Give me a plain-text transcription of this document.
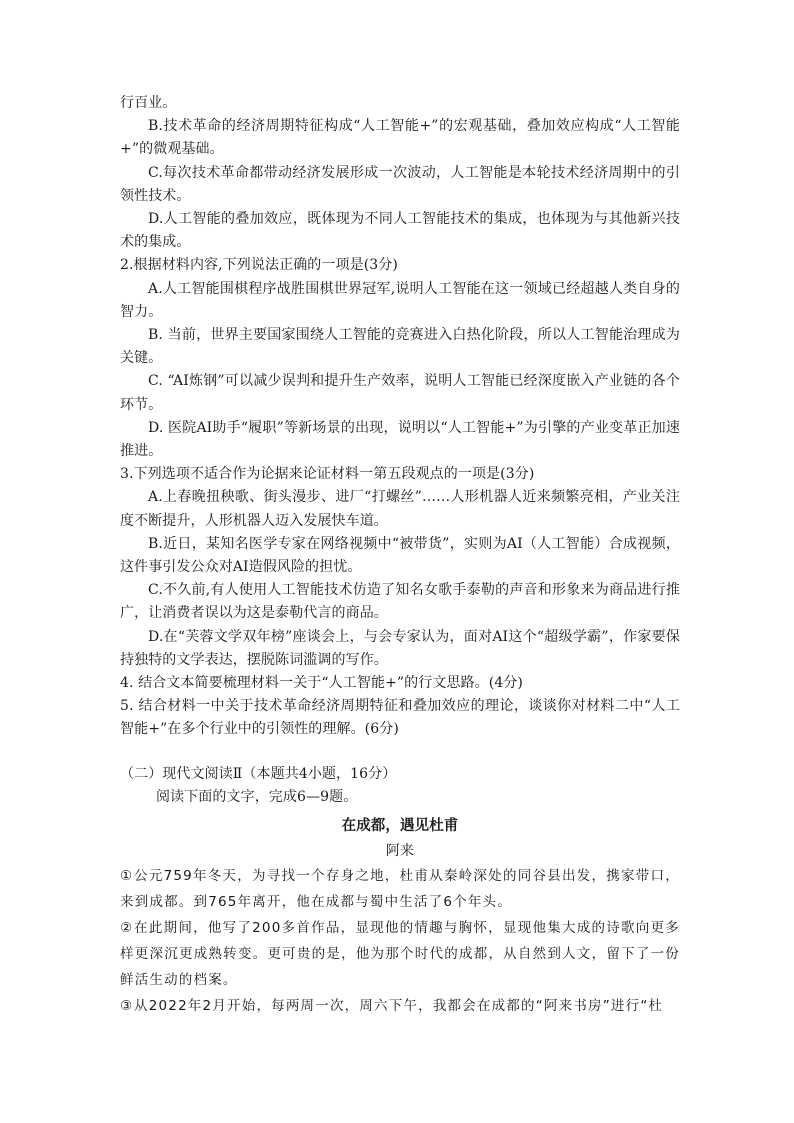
行百业。

B.技术革命的经济周期特征构成“人工智能+”的宏观基础，叠加效应构成“人工智能+”的微观基础。

C.每次技术革命都带动经济发展形成一次波动，人工智能是本轮技术经济周期中的引领性技术。

D.人工智能的叠加效应，既体现为不同人工智能技术的集成，也体现为与其他新兴技术的集成。

2.根据材料内容,下列说法正确的一项是(3分)

A.人工智能围棋程序战胜围棋世界冠军,说明人工智能在这一领域已经超越人类自身的智力。

B. 当前，世界主要国家围绕人工智能的竞赛进入白热化阶段，所以人工智能治理成为关键。

C. “AI炼钢”可以减少误判和提升生产效率，说明人工智能已经深度嵌入产业链的各个环节。

D. 医院AI助手“履职”等新场景的出现，说明以“人工智能+”为引擎的产业变革正加速推进。

3.下列选项不适合作为论据来论证材料一第五段观点的一项是(3分)

A.上春晚扭秧歌、街头漫步、进厂“打螺丝”……人形机器人近来频繁亮相，产业关注度不断提升，人形机器人迈入发展快车道。

B.近日，某知名医学专家在网络视频中“被带货”，实则为AI（人工智能）合成视频，这件事引发公众对AI造假风险的担忧。

C.不久前,有人使用人工智能技术仿造了知名女歌手泰勒的声音和形象来为商品进行推广，让消费者误以为这是泰勒代言的商品。

D.在“芙蓉文学双年榜”座谈会上，与会专家认为，面对AI这个“超级学霸”，作家要保持独特的文学表达，摆脱陈词滥调的写作。

4. 结合文本简要梳理材料一关于“人工智能+”的行文思路。(4分)

5. 结合材料一中关于技术革命经济周期特征和叠加效应的理论，谈谈你对材料二中“人工智能+”在多个行业中的引领性的理解。(6分)

（二）现代文阅读Ⅱ（本题共4小题，16分）

阅读下面的文字，完成6—9题。

在成都，遇见杜甫

阿来

①公元759年冬天，为寻找一个存身之地，杜甫从秦岭深处的同谷县出发，携家带口，来到成都。到765年离开，他在成都与蜀中生活了6个年头。

②在此期间，他写了200多首作品，显现他的情趣与胸怀，显现他集大成的诗歌向更多样更深沉更成熟转变。更可贵的是，他为那个时代的成都，从自然到人文，留下了一份鲜活生动的档案。

③从2022年2月开始，每两周一次，周六下午，我都会在成都的“阿来书房”进行“杜
